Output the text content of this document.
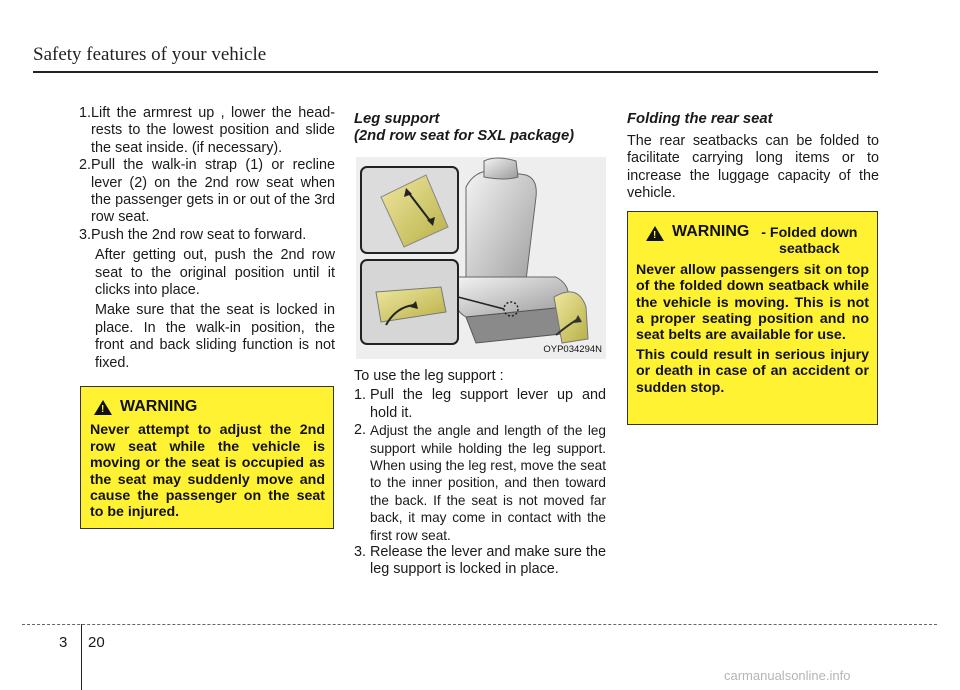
Safety features of your vehicle
1. Lift the armrest up , lower the head-rests to the lowest position and slide the seat inside. (if necessary).
2. Pull the walk-in strap (1) or recline lever (2) on the 2nd row seat when the passenger gets in or out of the 3rd row seat.
3. Push the 2nd row seat to forward.

After getting out, push the 2nd row seat to the original position until it clicks into place.

Make sure that the seat is locked in place. In the walk-in position, the front and back sliding function is not fixed.

!
WARNING
Never attempt to adjust the 2nd row seat while the vehicle is moving or the seat is occupied as the seat may suddenly move and cause the passenger on the seat to be injured.
Leg support
(2nd row seat for SXL package)
OYP034294N

To use the leg support :

1. Pull the leg support lever up and hold it.
2. Adjust the angle and length of the leg support while holding the leg support. When using the leg rest, move the seat to the inner position, and then toward the back. If the seat is not moved far back, it may come in contact with the first row seat.
3. Release the lever and make sure the leg support is locked in place.
Folding the rear seat

The rear seatbacks can be folded to facilitate carrying long items or to increase the luggage capacity of the vehicle.

!
WARNING - Folded down seatback
Never allow passengers sit on top of the folded down seatback while the vehicle is moving. This is not a proper seating position and no seat belts are available for use.
This could result in serious injury or death in case of an accident or sudden stop.
3 20
carmanualsonline.info
